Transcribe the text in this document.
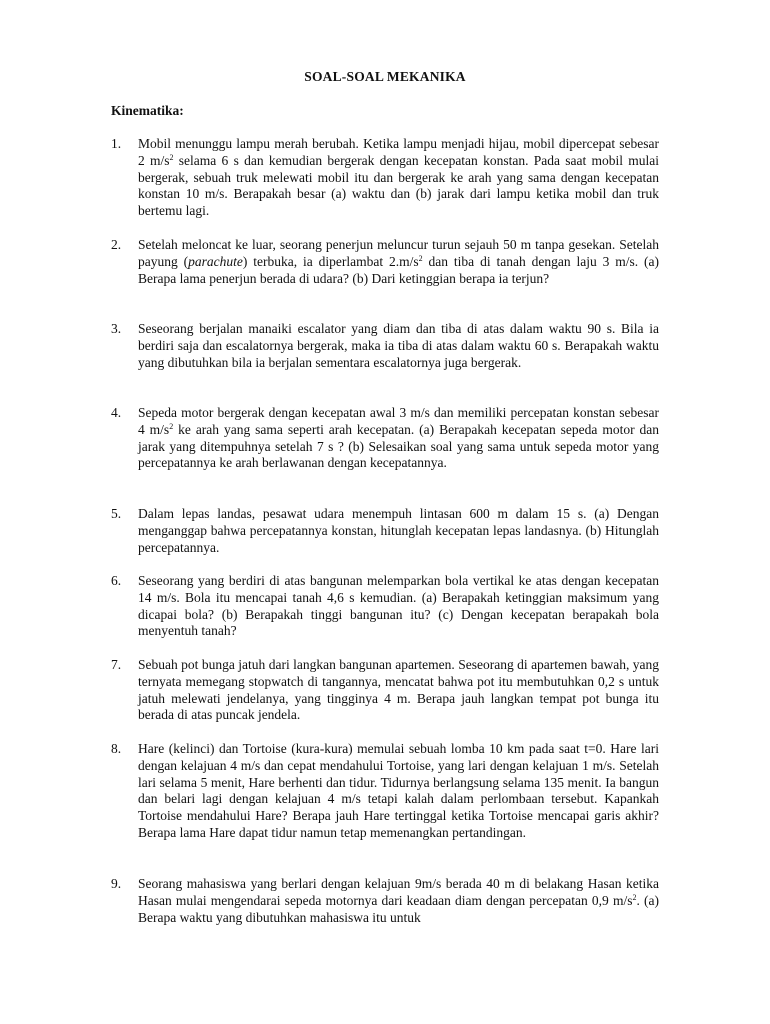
SOAL-SOAL MEKANIKA
Kinematika:
1.	Mobil menunggu lampu merah berubah. Ketika lampu menjadi hijau, mobil dipercepat sebesar 2 $m/s^2$ selama 6 s dan kemudian bergerak dengan kecepatan konstan. Pada saat mobil mulai bergerak, sebuah truk melewati mobil itu dan bergerak ke arah yang sama dengan kecepatan konstan 10 m/s. Berapakah besar (a) waktu dan (b) jarak dari lampu ketika mobil dan truk bertemu lagi.
2.	Setelah meloncat ke luar, seorang penerjun meluncur turun sejauh 50 m tanpa gesekan. Setelah payung (parachute) terbuka, ia diperlambat $2.m/s^2$ dan tiba di tanah dengan laju 3 m/s. (a) Berapa lama penerjun berada di udara? (b) Dari ketinggian berapa ia terjun?
3.	Seseorang berjalan manaiki escalator yang diam dan tiba di atas dalam waktu 90 s. Bila ia berdiri saja dan escalatornya bergerak, maka ia tiba di atas dalam waktu 60 s. Berapakah waktu yang dibutuhkan bila ia berjalan sementara escalatornya juga bergerak.
4.	Sepeda motor bergerak dengan kecepatan awal 3 m/s dan memiliki percepatan konstan sebesar 4 $m/s^2$ ke arah yang sama seperti arah kecepatan. (a) Berapakah kecepatan sepeda motor dan jarak yang ditempuhnya setelah 7 s ? (b) Selesaikan soal yang sama untuk sepeda motor yang percepatannya ke arah berlawanan dengan kecepatannya.
5.	Dalam lepas landas, pesawat udara menempuh lintasan 600 m dalam 15 s. (a) Dengan menganggap bahwa percepatannya konstan, hitunglah kecepatan lepas landasnya. (b) Hitunglah percepatannya.
6.	Seseorang yang berdiri di atas bangunan melemparkan bola vertikal ke atas dengan kecepatan 14 m/s. Bola itu mencapai tanah 4,6 s kemudian. (a) Berapakah ketinggian maksimum yang dicapai bola? (b) Berapakah tinggi bangunan itu? (c) Dengan kecepatan berapakah bola menyentuh tanah?
7.	Sebuah pot bunga jatuh dari langkan bangunan apartemen. Seseorang di apartemen bawah, yang ternyata memegang stopwatch di tangannya, mencatat bahwa pot itu membutuhkan 0,2 s untuk jatuh melewati jendelanya, yang tingginya 4 m. Berapa jauh langkan tempat pot bunga itu berada di atas puncak jendela.
8.	Hare (kelinci) dan Tortoise (kura-kura) memulai sebuah lomba 10 km pada saat t=0. Hare lari dengan kelajuan 4 m/s dan cepat mendahului Tortoise, yang lari dengan kelajuan 1 m/s. Setelah lari selama 5 menit, Hare berhenti dan tidur. Tidurnya berlangsung selama 135 menit. Ia bangun dan belari lagi dengan kelajuan 4 m/s tetapi kalah dalam perlombaan tersebut. Kapankah Tortoise mendahului Hare? Berapa jauh Hare tertinggal ketika Tortoise mencapai garis akhir? Berapa lama Hare dapat tidur namun tetap memenangkan pertandingan.
9.	Seorang mahasiswa yang berlari dengan kelajuan 9m/s berada 40 m di belakang Hasan ketika Hasan mulai mengendarai sepeda motornya dari keadaan diam dengan percepatan 0,9 $m/s^2$. (a) Berapa waktu yang dibutuhkan mahasiswa itu untuk
